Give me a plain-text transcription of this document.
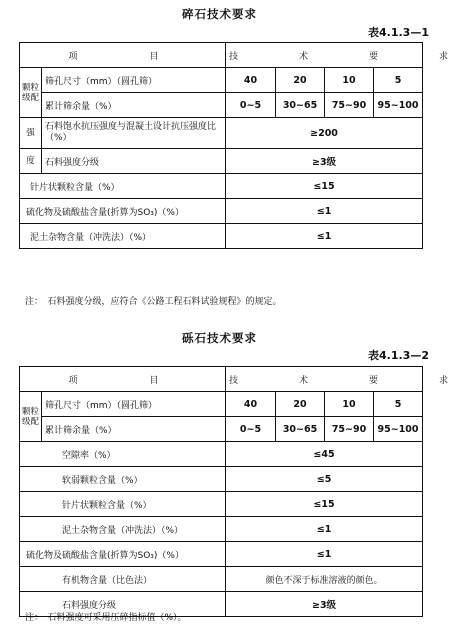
碎石技术要求
表4.1.3—1
项　　目		技　术　要　求			
颗粒级配	筛孔尺寸（mm）（圆孔筛）	40	20	10	5
	累计筛余量（%）	0~5	30~65	75~90	95~100
强	石料饱水抗压强度与混凝土设计抗压强度比（%）	≥200			
度	石料强度分级	≥3级			
针片状颗粒含量（%）		≤15			
硫化物及硫酸盐含量(折算为SO₃)（%）		≤1			
泥土杂物含量（冲洗法）（%）		≤1			
注：　石料强度分级，应符合《公路工程石料试验规程》的规定。
砾石技术要求
表4.1.3—2
项　　目		技　术　要　求			
颗粒级配	筛孔尺寸（mm）（圆孔筛）	40	20	10	5
	累计筛余量（%）	0~5	30~65	75~90	95~100
空隙率（%）		≤45			
软弱颗粒含量（%）		≤5			
针片状颗粒含量（%）		≤15			
泥土杂物含量（冲洗法）（%）		≤1			
硫化物及硫酸盐含量(折算为SO₃)（%）		≤1			
有机物含量（比色法）		颜色不深于标准溶液的颜色。			
石料强度分级		≥3级			
注：　石料强度可采用压碎指标值（%）。
